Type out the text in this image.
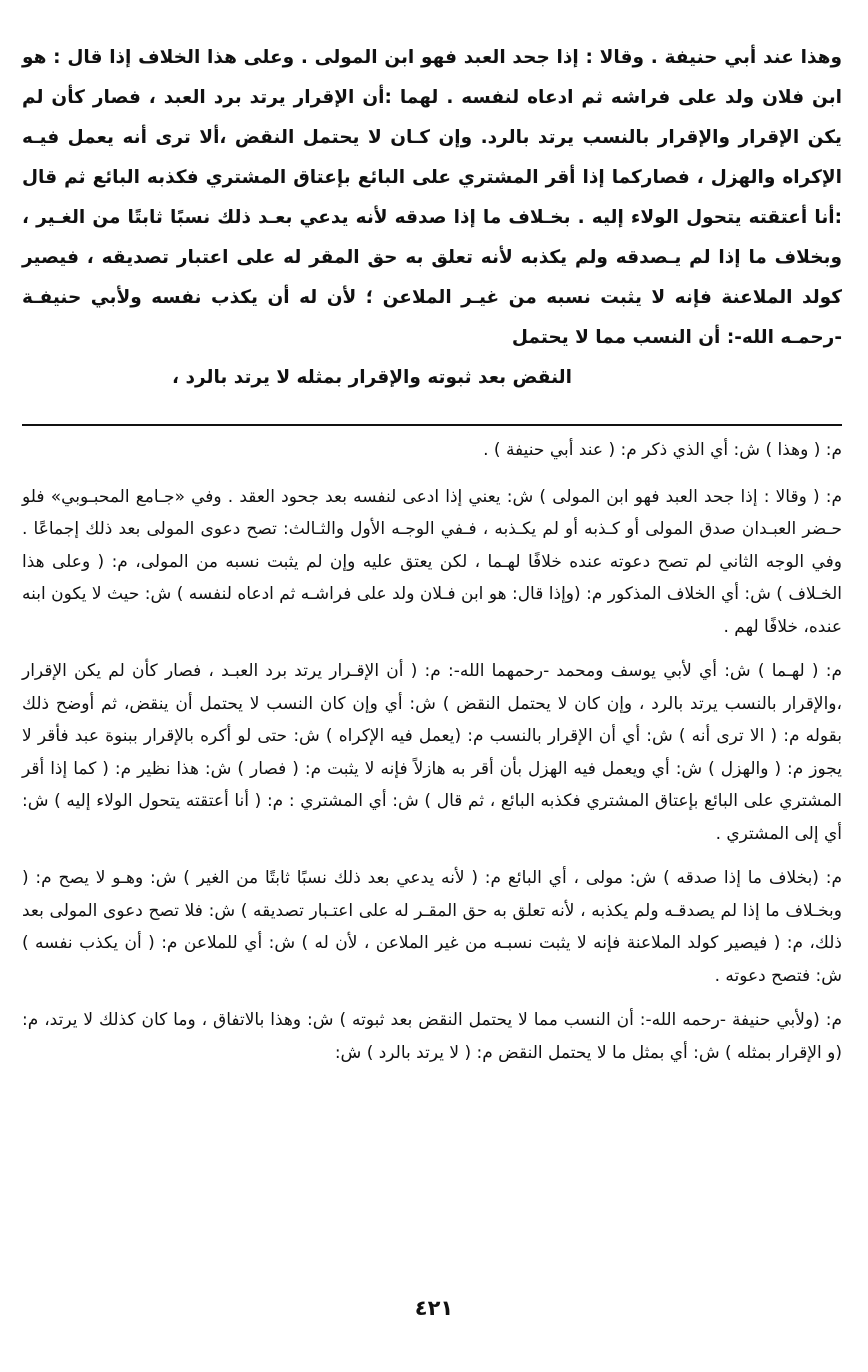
وهذا عند أبي حنيفة . وقالا : إذا جحد العبد فهو ابن المولى . وعلى هذا الخلاف إذا قال : هو ابن فلان ولد على فراشه ثم ادعاه لنفسه . لهما :أن الإقرار يرتد برد العبد ، فصار كأن لم يكن الإقرار والإقرار بالنسب يرتد بالرد. وإن كـان لا يحتمل النقض ،ألا ترى أنه يعمل فيـه الإكراه والهزل ، فصاركما إذا أقر المشتري على البائع بإعتاق المشتري فكذبه البائع ثم قال :أنا أعتقته يتحول الولاء إليه . بخـلاف ما إذا صدقه لأنه يدعي بعـد ذلك نسبًا ثابتًا من الغـير ، وبخلاف ما إذا لم يـصدقه ولم يكذبه لأنه تعلق به حق المقر له على اعتبار تصديقه ، فيصير كولد الملاعنة فإنه لا يثبت نسبه من غيـر الملاعن ؛ لأن له أن يكذب نفسه ولأبي حنيفـة -رحمـه الله-: أن النسب مما لا يحتمل

النقض بعد ثبوته والإقرار بمثله لا يرتد بالرد ،

م: ( وهذا ) ش: أي الذي ذكر م: ( عند أبي حنيفة ) .

م: ( وقالا : إذا جحد العبد فهو ابن المولى ) ش: يعني إذا ادعى لنفسه بعد جحود العقد . وفي «جـامع المحبـوبي» فلو حـضر العبـدان صدق المولى أو كـذبه أو لم يكـذبه ، فـفي الوجـه الأول والثـالث: تصح دعوى المولى بعد ذلك إجماعًا . وفي الوجه الثاني لم تصح دعوته عنده خلافًا لهـما ، لكن يعتق عليه وإن لم يثبت نسبه من المولى، م: ( وعلى هذا الخـلاف ) ش: أي الخلاف المذكور م: (وإذا قال: هو ابن فـلان ولد على فراشـه ثم ادعاه لنفسه ) ش: حيث لا يكون ابنه عنده، خلافًا لهم .

م: ( لهـما ) ش: أي لأبي يوسف ومحمد -رحمهما الله-: م: ( أن الإقـرار يرتد برد العبـد ، فصار كأن لم يكن الإقرار ،والإقرار بالنسب يرتد بالرد ، وإن كان لا يحتمل النقض ) ش: أي وإن كان النسب لا يحتمل أن ينقض، ثم أوضح ذلك بقوله م: ( الا ترى أنه ) ش: أي أن الإقرار بالنسب م: (يعمل فيه الإكراه ) ش: حتى لو أكره بالإقرار ببنوة عبد فأقر لا يجوز م: ( والهزل ) ش: أي ويعمل فيه الهزل بأن أقر به هازلاً فإنه لا يثبت م: ( فصار ) ش: هذا نظير م: ( كما إذا أقر المشتري على البائع بإعتاق المشتري فكذبه البائع ، ثم قال ) ش: أي المشتري : م: ( أنا أعتقته يتحول الولاء إليه ) ش: أي إلى المشتري .

م: (بخلاف ما إذا صدقه ) ش: مولى ، أي البائع م: ( لأنه يدعي بعد ذلك نسبًا ثابتًا من الغير ) ش: وهـو لا يصح م: ( وبخـلاف ما إذا لم يصدقـه ولم يكذبه ، لأنه تعلق به حق المقـر له على اعتـبار تصديقه ) ش: فلا تصح دعوى المولى بعد ذلك، م: ( فيصير كولد الملاعنة فإنه لا يثبت نسبـه من غير الملاعن ، لأن له ) ش: أي للملاعن م: ( أن يكذب نفسه ) ش: فتصح دعوته .

م: (ولأبي حنيفة -رحمه الله-: أن النسب مما لا يحتمل النقض بعد ثبوته ) ش: وهذا بالاتفاق ، وما كان كذلك لا يرتد، م: (و الإقرار بمثله ) ش: أي بمثل ما لا يحتمل النقض م: ( لا يرتد بالرد ) ش:

٤٢١
